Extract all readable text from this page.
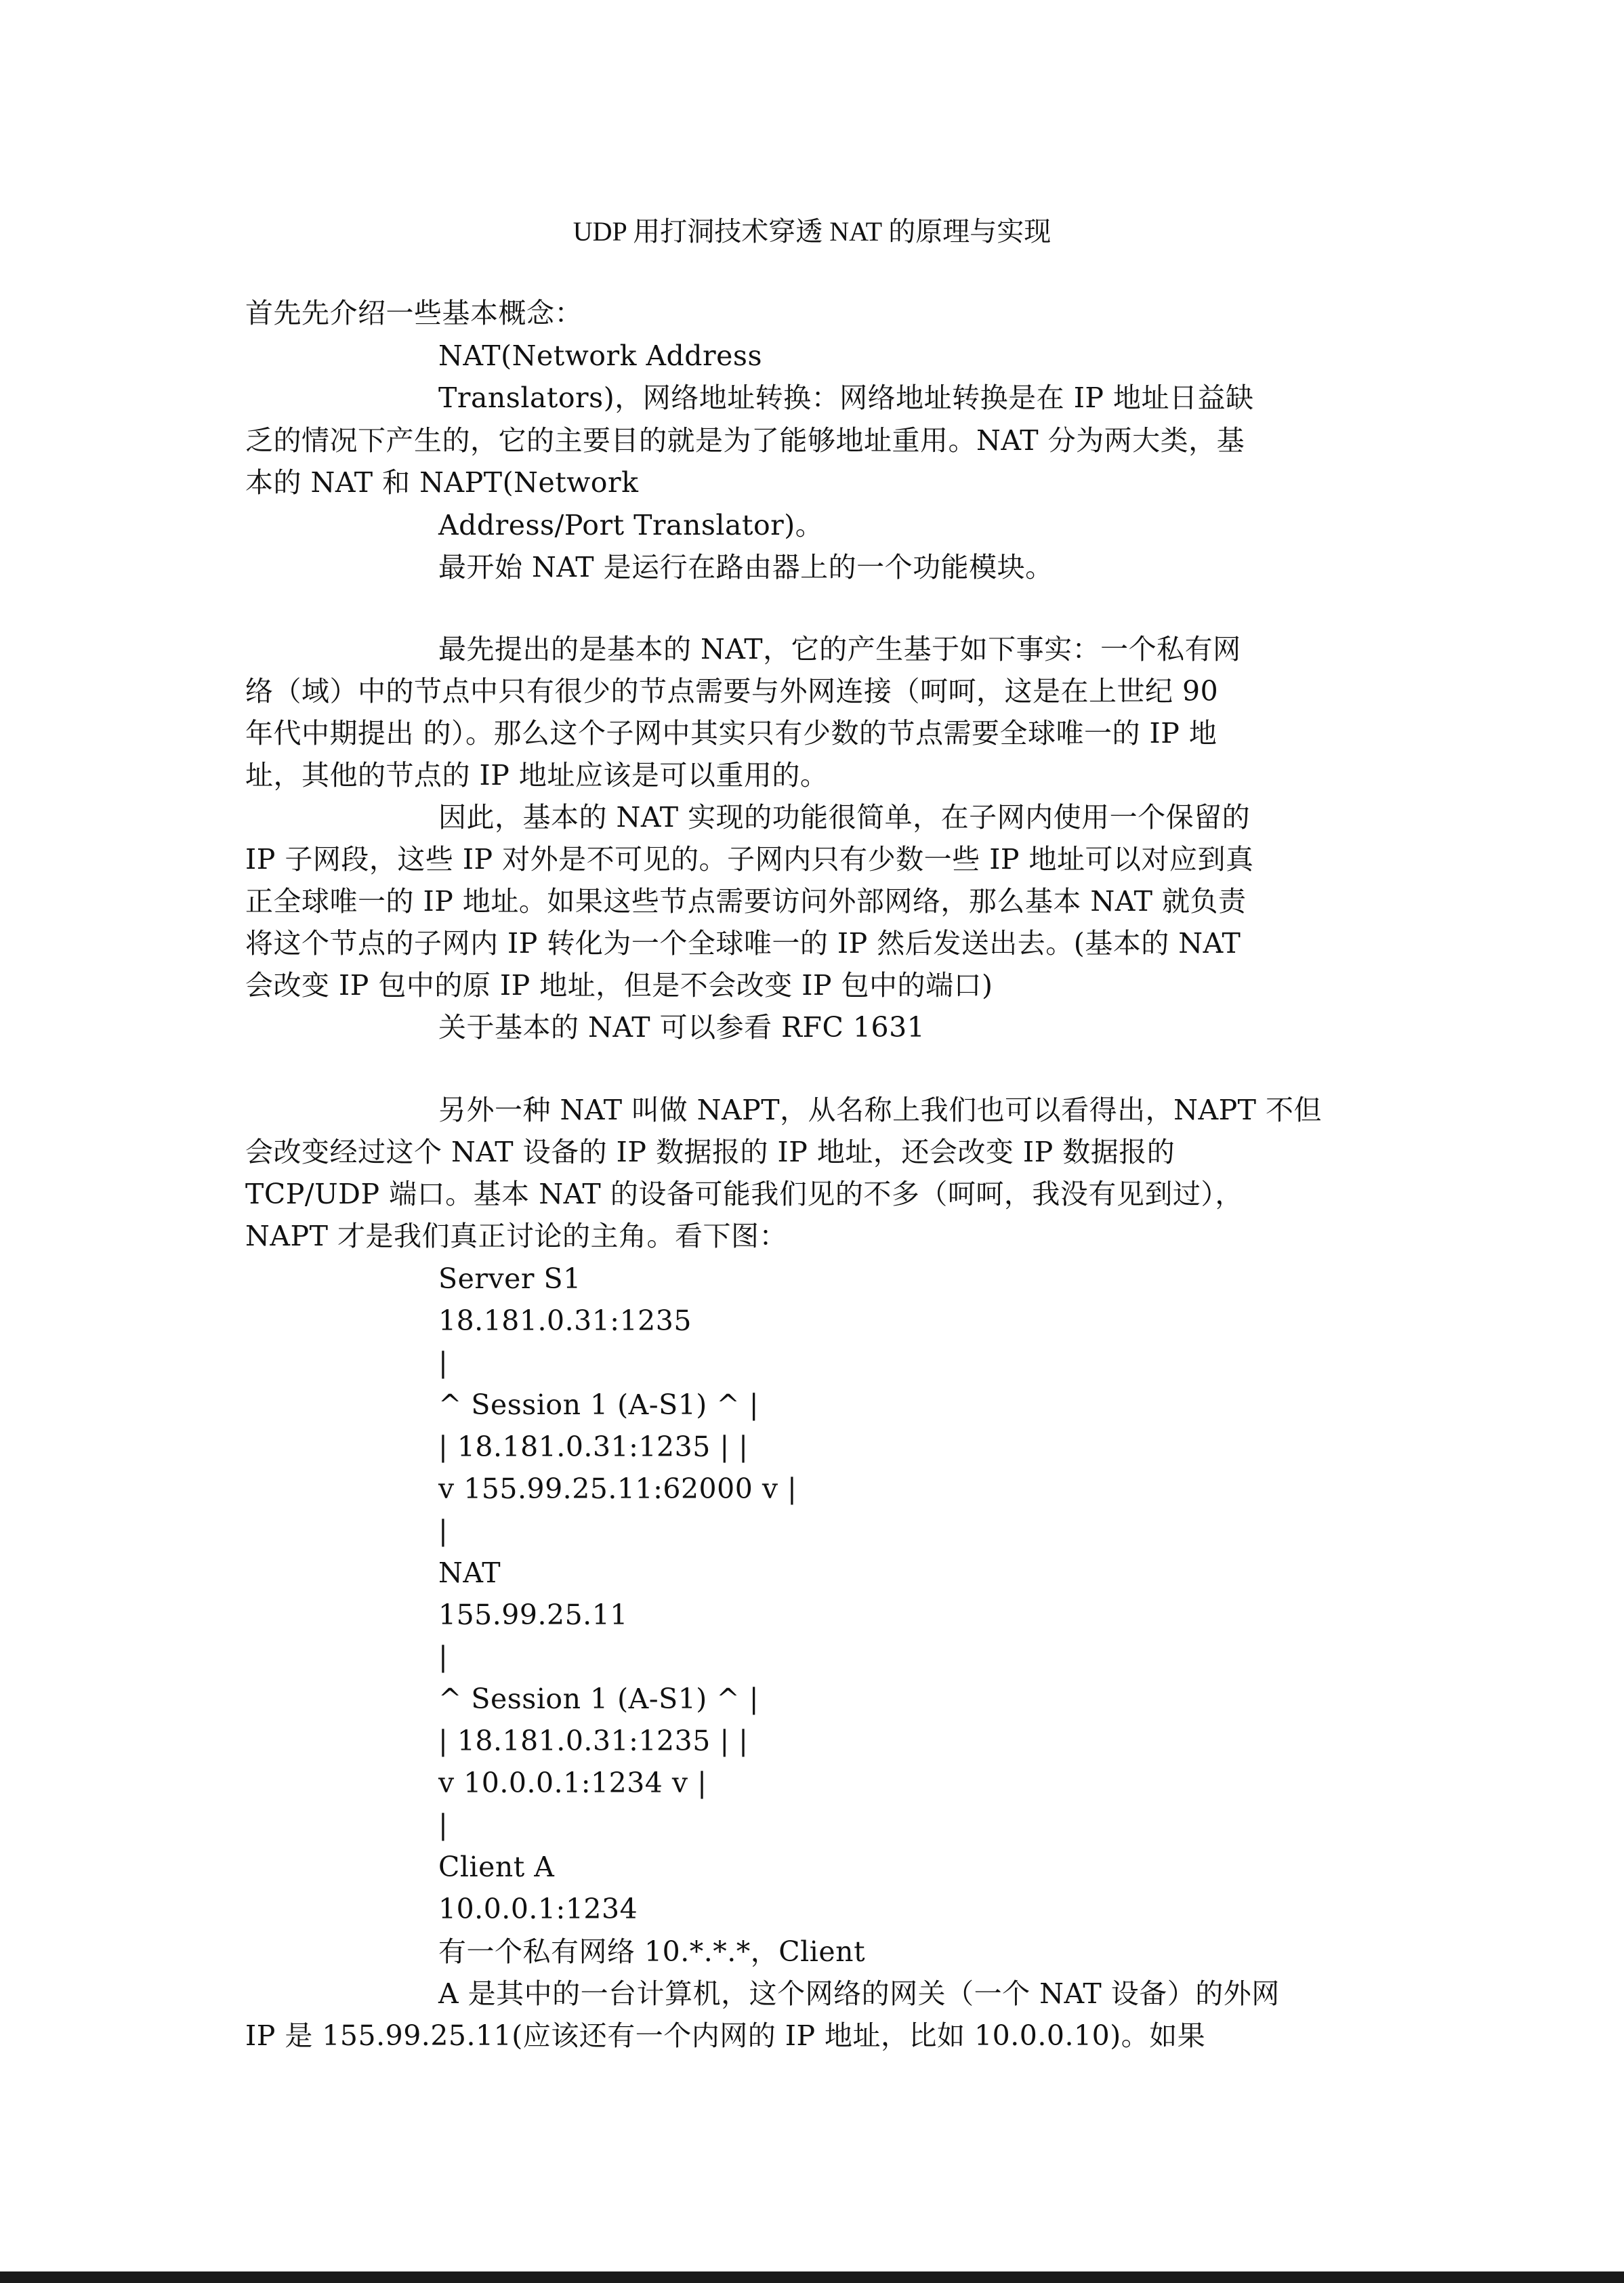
UDP 用打洞技术穿透 NAT 的原理与实现

首先先介绍一些基本概念：

NAT(Network Address

Translators)，网络地址转换：网络地址转换是在 IP 地址日益缺

乏的情况下产生的，它的主要目的就是为了能够地址重用。NAT 分为两大类，基

本的 NAT 和 NAPT(Network

Address/Port Translator)。

最开始 NAT 是运行在路由器上的一个功能模块。

最先提出的是基本的 NAT，它的产生基于如下事实：一个私有网

络（域）中的节点中只有很少的节点需要与外网连接（呵呵，这是在上世纪 90

年代中期提出 的）。那么这个子网中其实只有少数的节点需要全球唯一的 IP 地

址，其他的节点的 IP 地址应该是可以重用的。

因此，基本的 NAT 实现的功能很简单，在子网内使用一个保留的

IP 子网段，这些 IP 对外是不可见的。子网内只有少数一些 IP 地址可以对应到真

正全球唯一的 IP 地址。如果这些节点需要访问外部网络，那么基本 NAT 就负责

将这个节点的子网内 IP 转化为一个全球唯一的 IP 然后发送出去。(基本的 NAT

会改变 IP 包中的原 IP 地址，但是不会改变 IP 包中的端口)

关于基本的 NAT 可以参看 RFC 1631

另外一种 NAT 叫做 NAPT，从名称上我们也可以看得出，NAPT 不但

会改变经过这个 NAT 设备的 IP 数据报的 IP 地址，还会改变 IP 数据报的

TCP/UDP 端口。基本 NAT 的设备可能我们见的不多（呵呵，我没有见到过），

NAPT 才是我们真正讨论的主角。看下图：

Server S1

18.181.0.31:1235

|

^ Session 1 (A-S1) ^ |

| 18.181.0.31:1235 | |

v 155.99.25.11:62000 v |

|

NAT

155.99.25.11

|

^ Session 1 (A-S1) ^ |

| 18.181.0.31:1235 | |

v 10.0.0.1:1234 v |

|

Client A

10.0.0.1:1234

有一个私有网络 10.*.*.*，Client

A 是其中的一台计算机，这个网络的网关（一个 NAT 设备）的外网

IP 是 155.99.25.11(应该还有一个内网的 IP 地址，比如 10.0.0.10)。如果
